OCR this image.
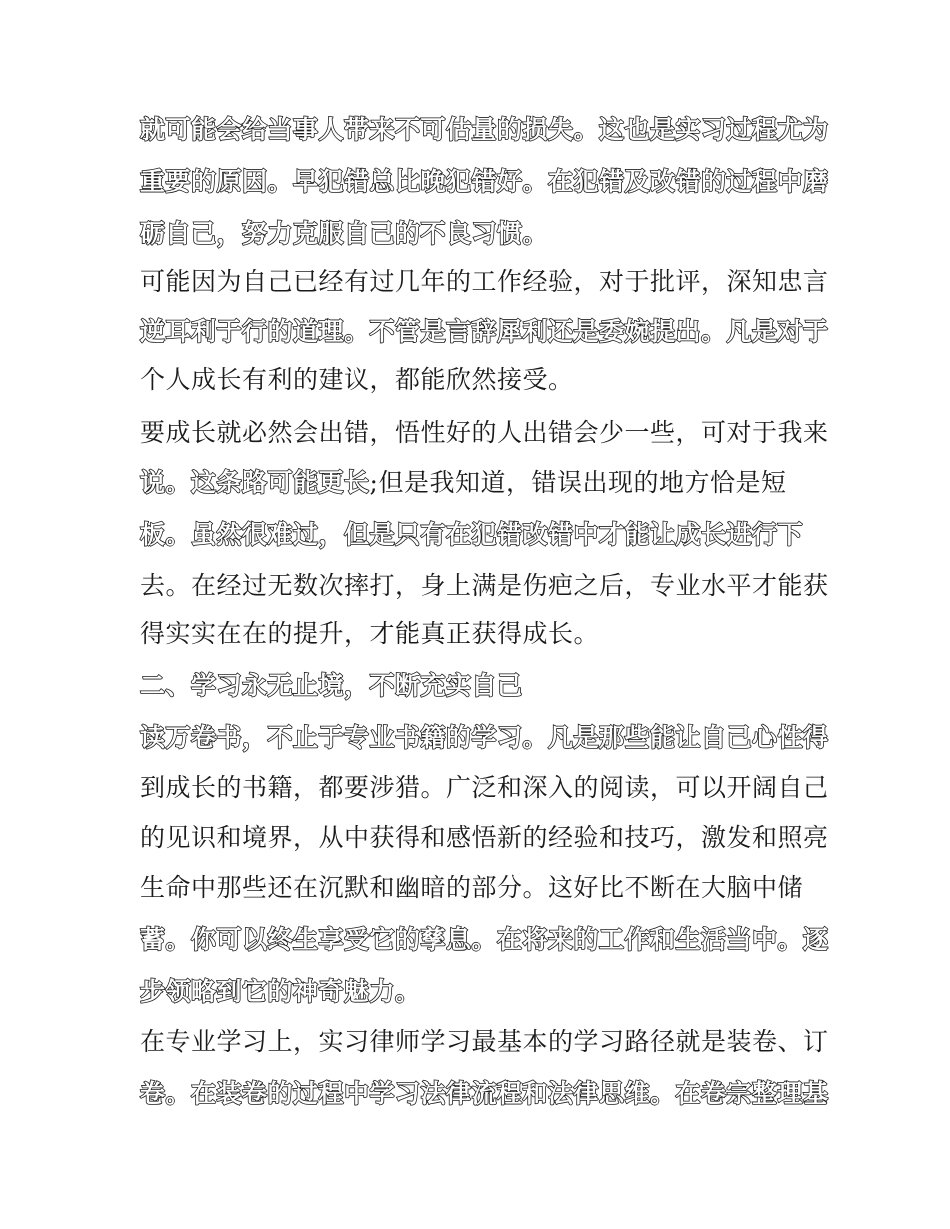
就可能会给当事人带来不可估量的损失。这也是实习过程尤为
重要的原因。早犯错总比晚犯错好。在犯错及改错的过程中磨
砺自己，努力克服自己的不良习惯。
可能因为自己已经有过几年的工作经验，对于批评，深知忠言
逆耳利于行的道理。不管是言辞犀利还是委婉提出。凡是对于
个人成长有利的建议，都能欣然接受。
要成长就必然会出错，悟性好的人出错会少一些，可对于我来
说。这条路可能更长;但是我知道，错误出现的地方恰是短
板。虽然很难过，但是只有在犯错改错中才能让成长进行下
去。在经过无数次摔打，身上满是伤疤之后，专业水平才能获
得实实在在的提升，才能真正获得成长。
二、学习永无止境，不断充实自己
读万卷书，不止于专业书籍的学习。凡是那些能让自己心性得
到成长的书籍，都要涉猎。广泛和深入的阅读，可以开阔自己
的见识和境界，从中获得和感悟新的经验和技巧，激发和照亮
生命中那些还在沉默和幽暗的部分。这好比不断在大脑中储
蓄。你可以终生享受它的孳息。在将来的工作和生活当中。逐
步领略到它的神奇魅力。
在专业学习上，实习律师学习最基本的学习路径就是装卷、订
卷。在装卷的过程中学习法律流程和法律思维。在卷宗整理基
